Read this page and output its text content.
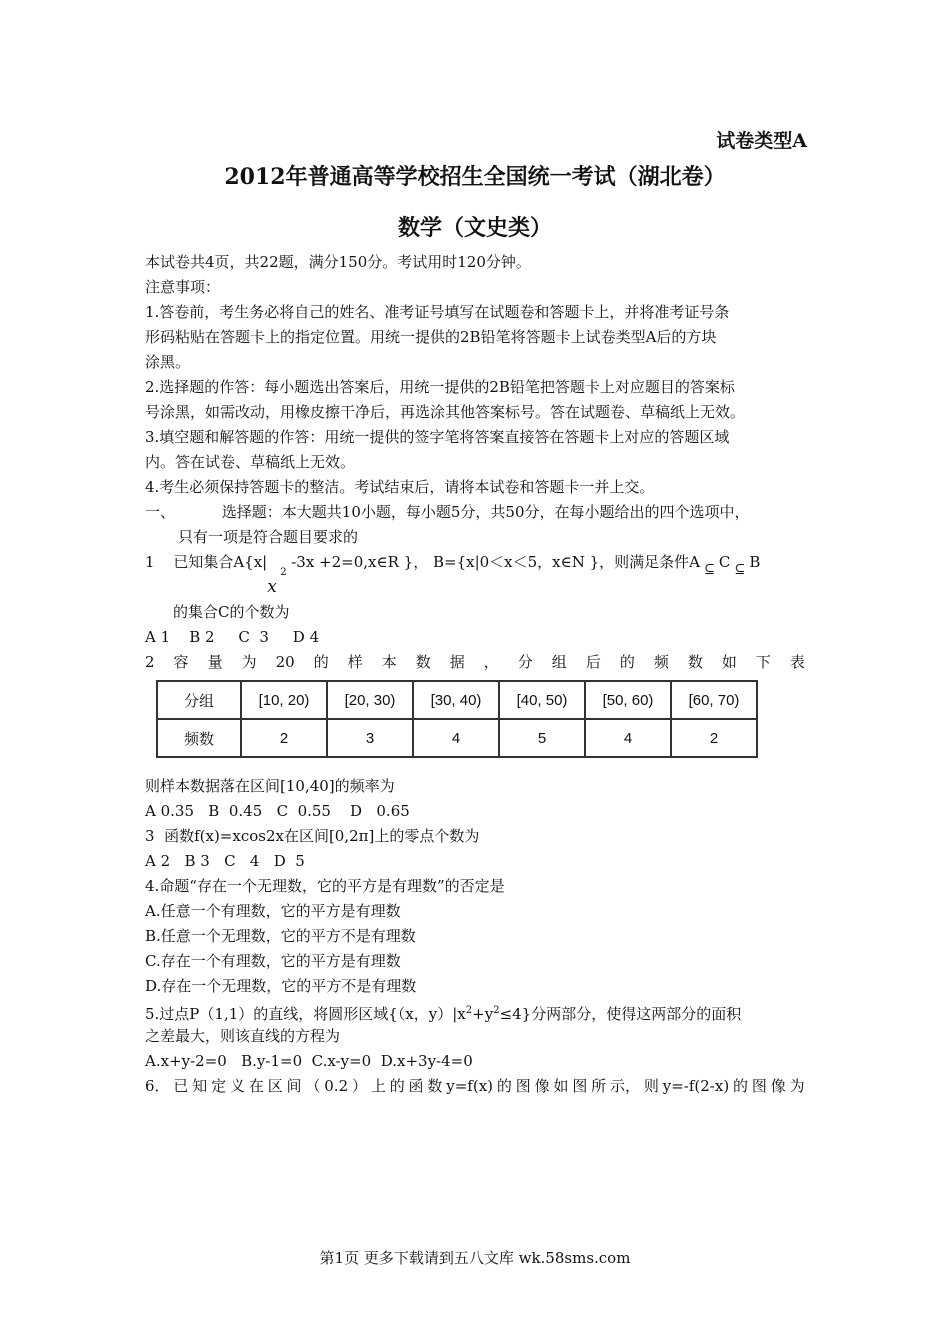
试卷类型A
2012年普通高等学校招生全国统一考试（湖北卷）
数学（文史类）
本试卷共4页，共22题，满分150分。考试用时120分钟。
注意事项：
1.答卷前，考生务必将自己的姓名、准考证号填写在试题卷和答题卡上，并将准考证号条
形码粘贴在答题卡上的指定位置。用统一提供的2B铅笔将答题卡上试卷类型A后的方块
涂黑。
2.选择题的作答：每小题选出答案后，用统一提供的2B铅笔把答题卡上对应题目的答案标
号涂黑，如需改动，用橡皮擦干净后，再选涂其他答案标号。答在试题卷、草稿纸上无效。
3.填空题和解答题的作答：用统一提供的签字笔将答案直接答在答题卡上对应的答题区域
内。答在试卷、草稿纸上无效。
4.考生必须保持答题卡的整洁。考试结束后，请将本试卷和答题卡一并上交。
一、	选择题：本大题共10小题，每小题5分，共50分，在每小题给出的四个选项中，
只有一项是符合题目要求的
1 已知集合A{x|
x
2
-3x +2=0,x∈R }， B={x|0＜x＜5，x∈N }，则满足条件A ⊆ C ⊆ B
的集合C的个数为
A 1    B 2     C  3     D 4
2 容 量 为 20 的 样 本 数 据 ， 分 组 后 的 频 数 如 下 表
分组	[10, 20)	[20, 30)	[30, 40)	[40, 50)	[50, 60)	[60, 70)
频数	2	3	4	5	4	2
则样本数据落在区间[10,40]的频率为
A 0.35   B  0.45   C  0.55    D   0.65
3  函数f(x)=xcos2x在区间[0,2π]上的零点个数为
A 2   B 3   C   4   D  5
4.命题“存在一个无理数，它的平方是有理数”的否定是
A.任意一个有理数，它的平方是有理数
B.任意一个无理数，它的平方不是有理数
C.存在一个有理数，它的平方是有理数
D.存在一个无理数，它的平方不是有理数
5.过点P（1,1）的直线，将圆形区域{（x，$y)|x^2+y^2\le 4$}分两部分，使得这两部分的面积
之差最大，则该直线的方程为
A.x+y-2=0   B.y-1=0  C.x-y=0  D.x+3y-4=0
6． 已 知 定 义 在 区 间 （ 0.2 ） 上 的 函 数 y=f(x) 的 图 像 如 图 所 示， 则 y=-f(2-x) 的 图 像 为
第1页 更多下载请到五八文库 wk.58sms.com
